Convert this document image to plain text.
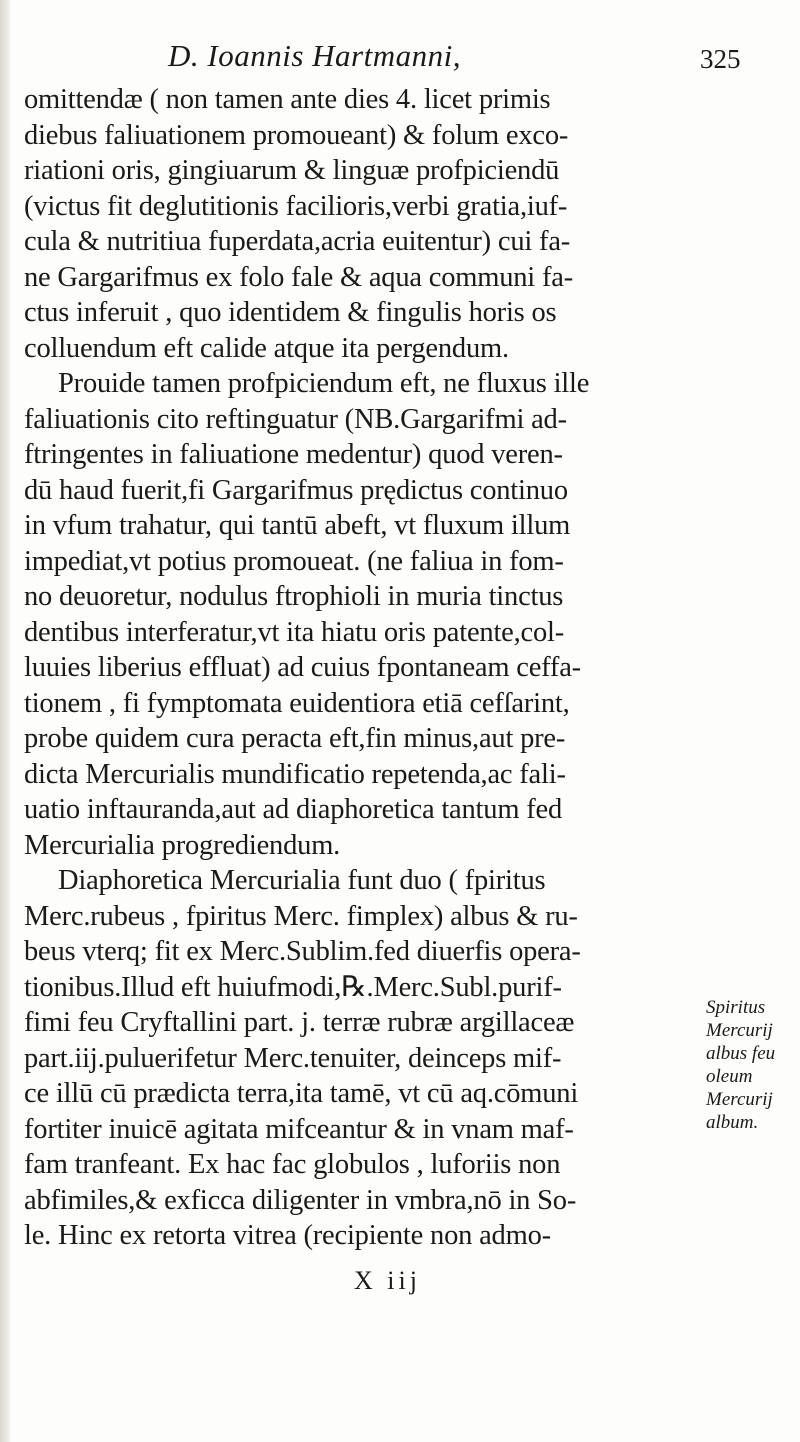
D. Ioannis Hartmanni,	325
omittendæ ( non tamen ante dies 4. licet primis
diebus faliuationem promoueant) & folum exco-
riationi oris, gingiuarum & linguæ profpiciendū
(victus fit deglutitionis facilioris,verbi gratia,iuf-
cula & nutritiua fuperdata,acria euitentur) cui fa-
ne Gargarifmus ex folo fale & aqua communi fa-
ctus inferuit , quo identidem & fingulis horis os
colluendum eft calide atque ita pergendum.
Prouide tamen profpiciendum eft, ne fluxus ille
faliuationis cito reftinguatur (NB.Gargarifmi ad-
ftringentes in faliuatione medentur) quod veren-
dū haud fuerit,fi Gargarifmus prędictus continuo
in vfum trahatur, qui tantū abeft, vt fluxum illum
impediat,vt potius promoueat. (ne faliua in fom-
no deuoretur, nodulus ftrophioli in muria tinctus
dentibus interferatur,vt ita hiatu oris patente,col-
luuies liberius effluat) ad cuius fpontaneam ceffa-
tionem , fi fymptomata euidentiora etiā cefſarint,
probe quidem cura peracta eft,fin minus,aut pre-
dicta Mercurialis mundificatio repetenda,ac fali-
uatio inftauranda,aut ad diaphoretica tantum fed
Mercurialia progrediendum.
Diaphoretica Mercurialia funt duo ( fpiritus
Merc.rubeus , fpiritus Merc. fimplex) albus & ru-
beus vterq; fit ex Merc.Sublim.fed diuerfis opera-
tionibus.Illud eft huiufmodi,℞.Merc.Subl.purif-
fimi feu Cryftallini part. j. terræ rubræ argillaceæ
part.iij.puluerifetur Merc.tenuiter, deinceps mif-
ce illū cū prædicta terra,ita tamē, vt cū aq.cōmuni
fortiter inuicē agitata mifceantur & in vnam maf-
fam tranfeant. Ex hac fac globulos , luforiis non
abfimiles,& exficca diligenter in vmbra,nō in So-
le. Hinc ex retorta vitrea (recipiente non admo-
Spiritus
Mercurij
albus feu
oleum
Mercurij
album.
X iij
